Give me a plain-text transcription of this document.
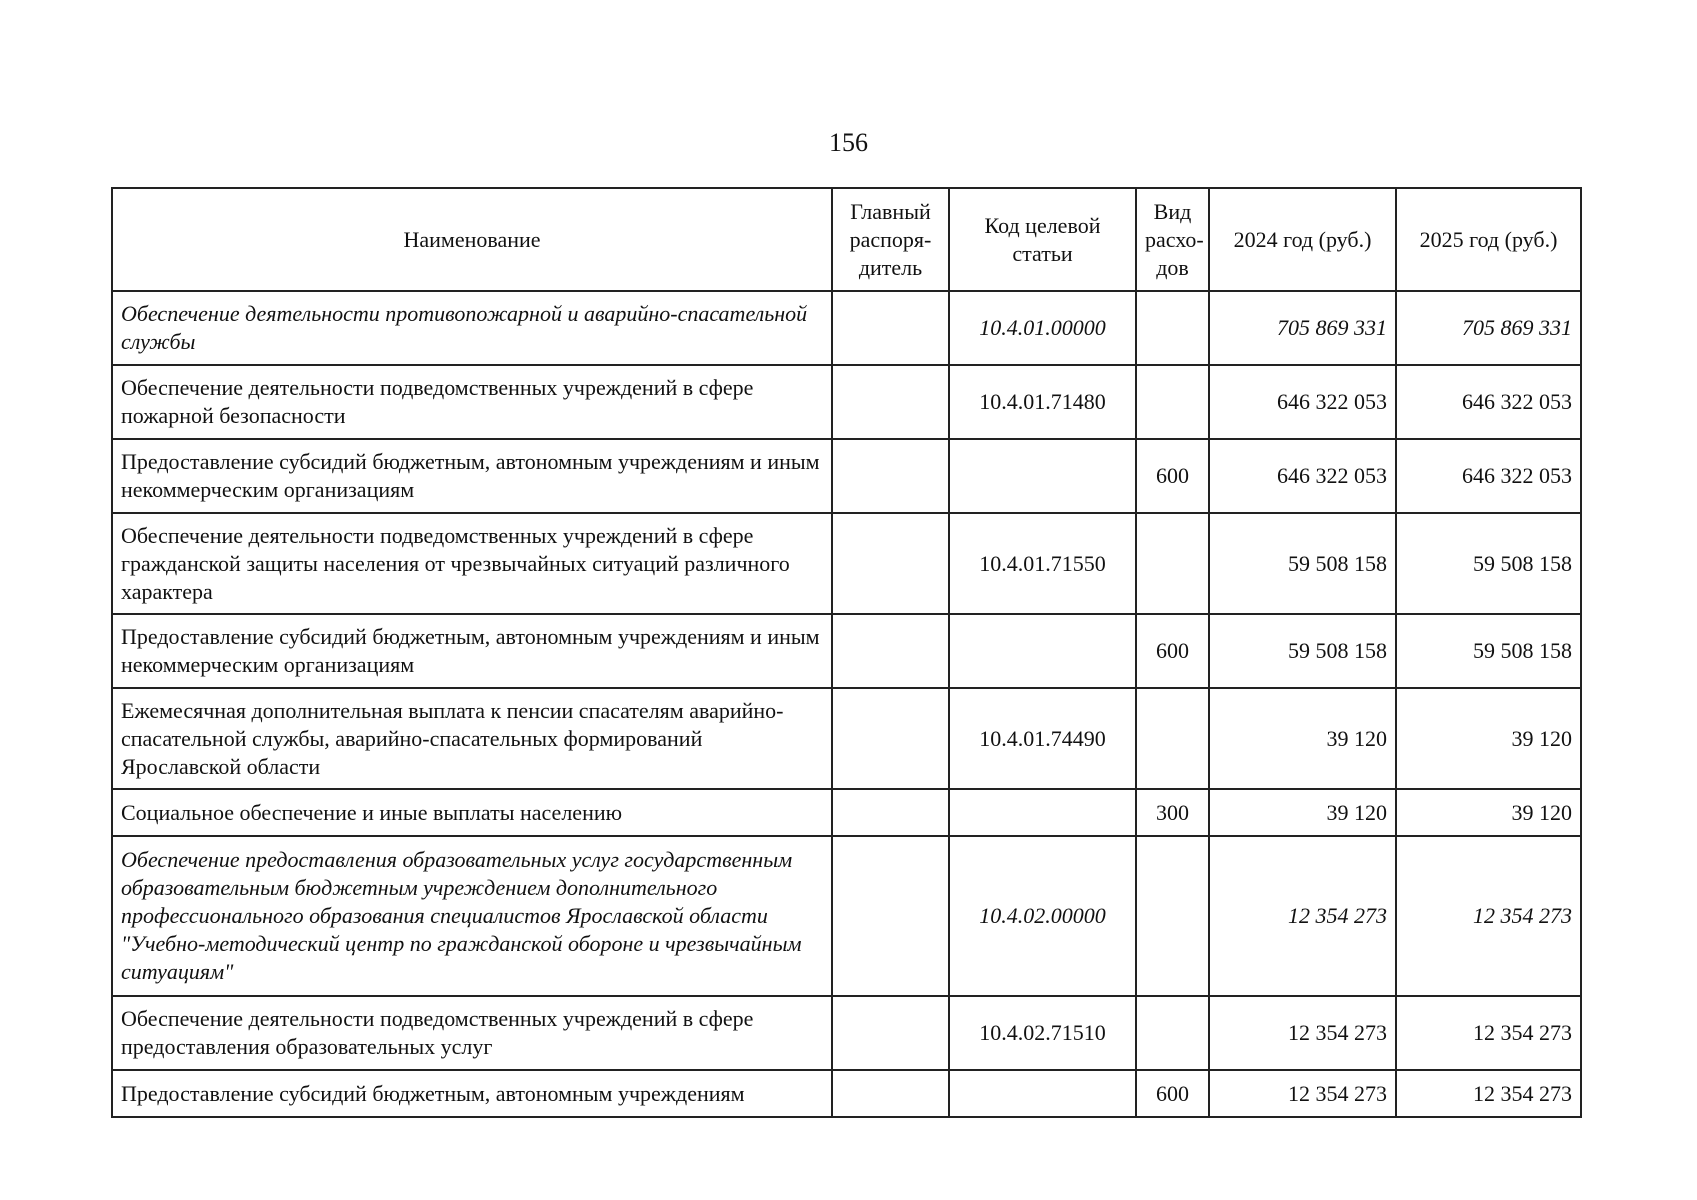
156
Наименование	Главный распоря-дитель	Код целевой статьи	Вид расхо-дов	2024 год (руб.)	2025 год (руб.)
Обеспечение деятельности противопожарной и аварийно-спасательной службы		10.4.01.00000		705 869 331	705 869 331
Обеспечение деятельности подведомственных учреждений в сфере пожарной безопасности		10.4.01.71480		646 322 053	646 322 053
Предоставление субсидий бюджетным, автономным учреждениям и иным некоммерческим организациям			600	646 322 053	646 322 053
Обеспечение деятельности подведомственных учреждений в сфере гражданской защиты населения от чрезвычайных ситуаций различного характера		10.4.01.71550		59 508 158	59 508 158
Предоставление субсидий бюджетным, автономным учреждениям и иным некоммерческим организациям			600	59 508 158	59 508 158
Ежемесячная дополнительная выплата к пенсии спасателям аварийно-спасательной службы, аварийно-спасательных формирований Ярославской области		10.4.01.74490		39 120	39 120
Социальное обеспечение и иные выплаты населению			300	39 120	39 120
Обеспечение предоставления образовательных услуг государственным образовательным бюджетным учреждением дополнительного профессионального образования специалистов Ярославской области "Учебно-методический центр по гражданской обороне и чрезвычайным ситуациям"		10.4.02.00000		12 354 273	12 354 273
Обеспечение деятельности подведомственных учреждений в сфере предоставления образовательных услуг		10.4.02.71510		12 354 273	12 354 273
Предоставление субсидий бюджетным, автономным учреждениям			600	12 354 273	12 354 273
